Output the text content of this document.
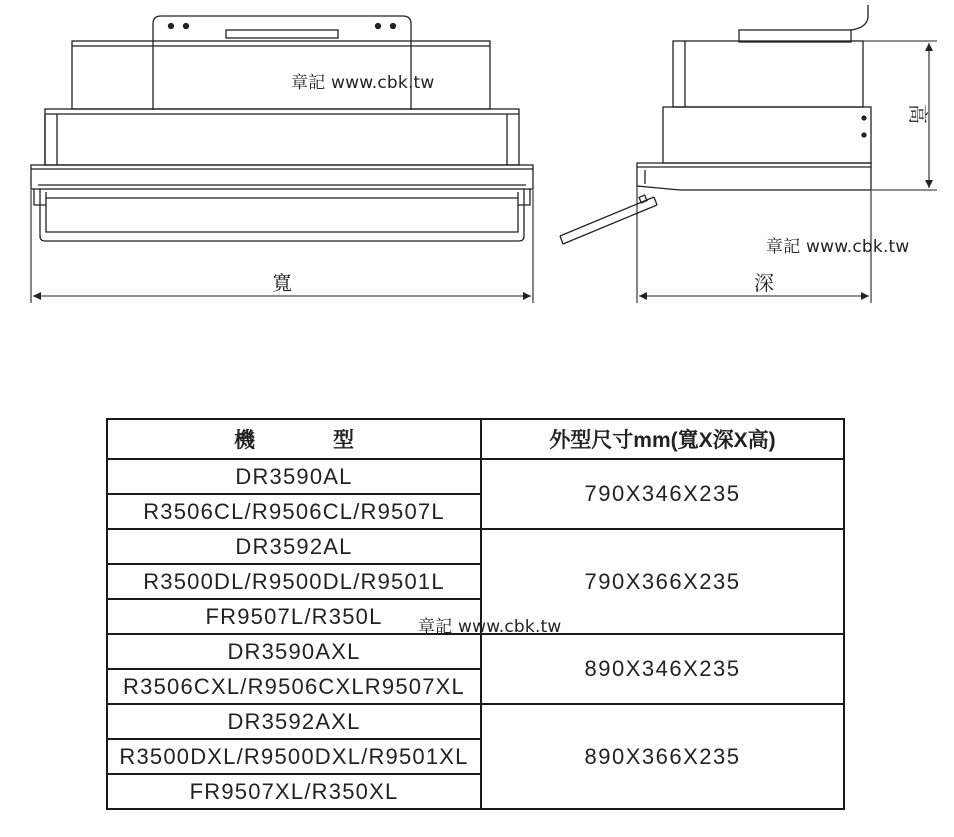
寬
高
深
章記 www.cbk.tw
章記 www.cbk.tw
機 型	外型尺寸mm(寬X深X高)
DR3590AL	790X346X235
R3506CL/R9506CL/R9507L	
DR3592AL	790X366X235
R3500DL/R9500DL/R9501L	
FR9507L/R350L	
DR3590AXL	890X346X235
R3506CXL/R9506CXLR9507XL	
DR3592AXL	890X366X235
R3500DXL/R9500DXL/R9501XL	
FR9507XL/R350XL	
章記 www.cbk.tw
